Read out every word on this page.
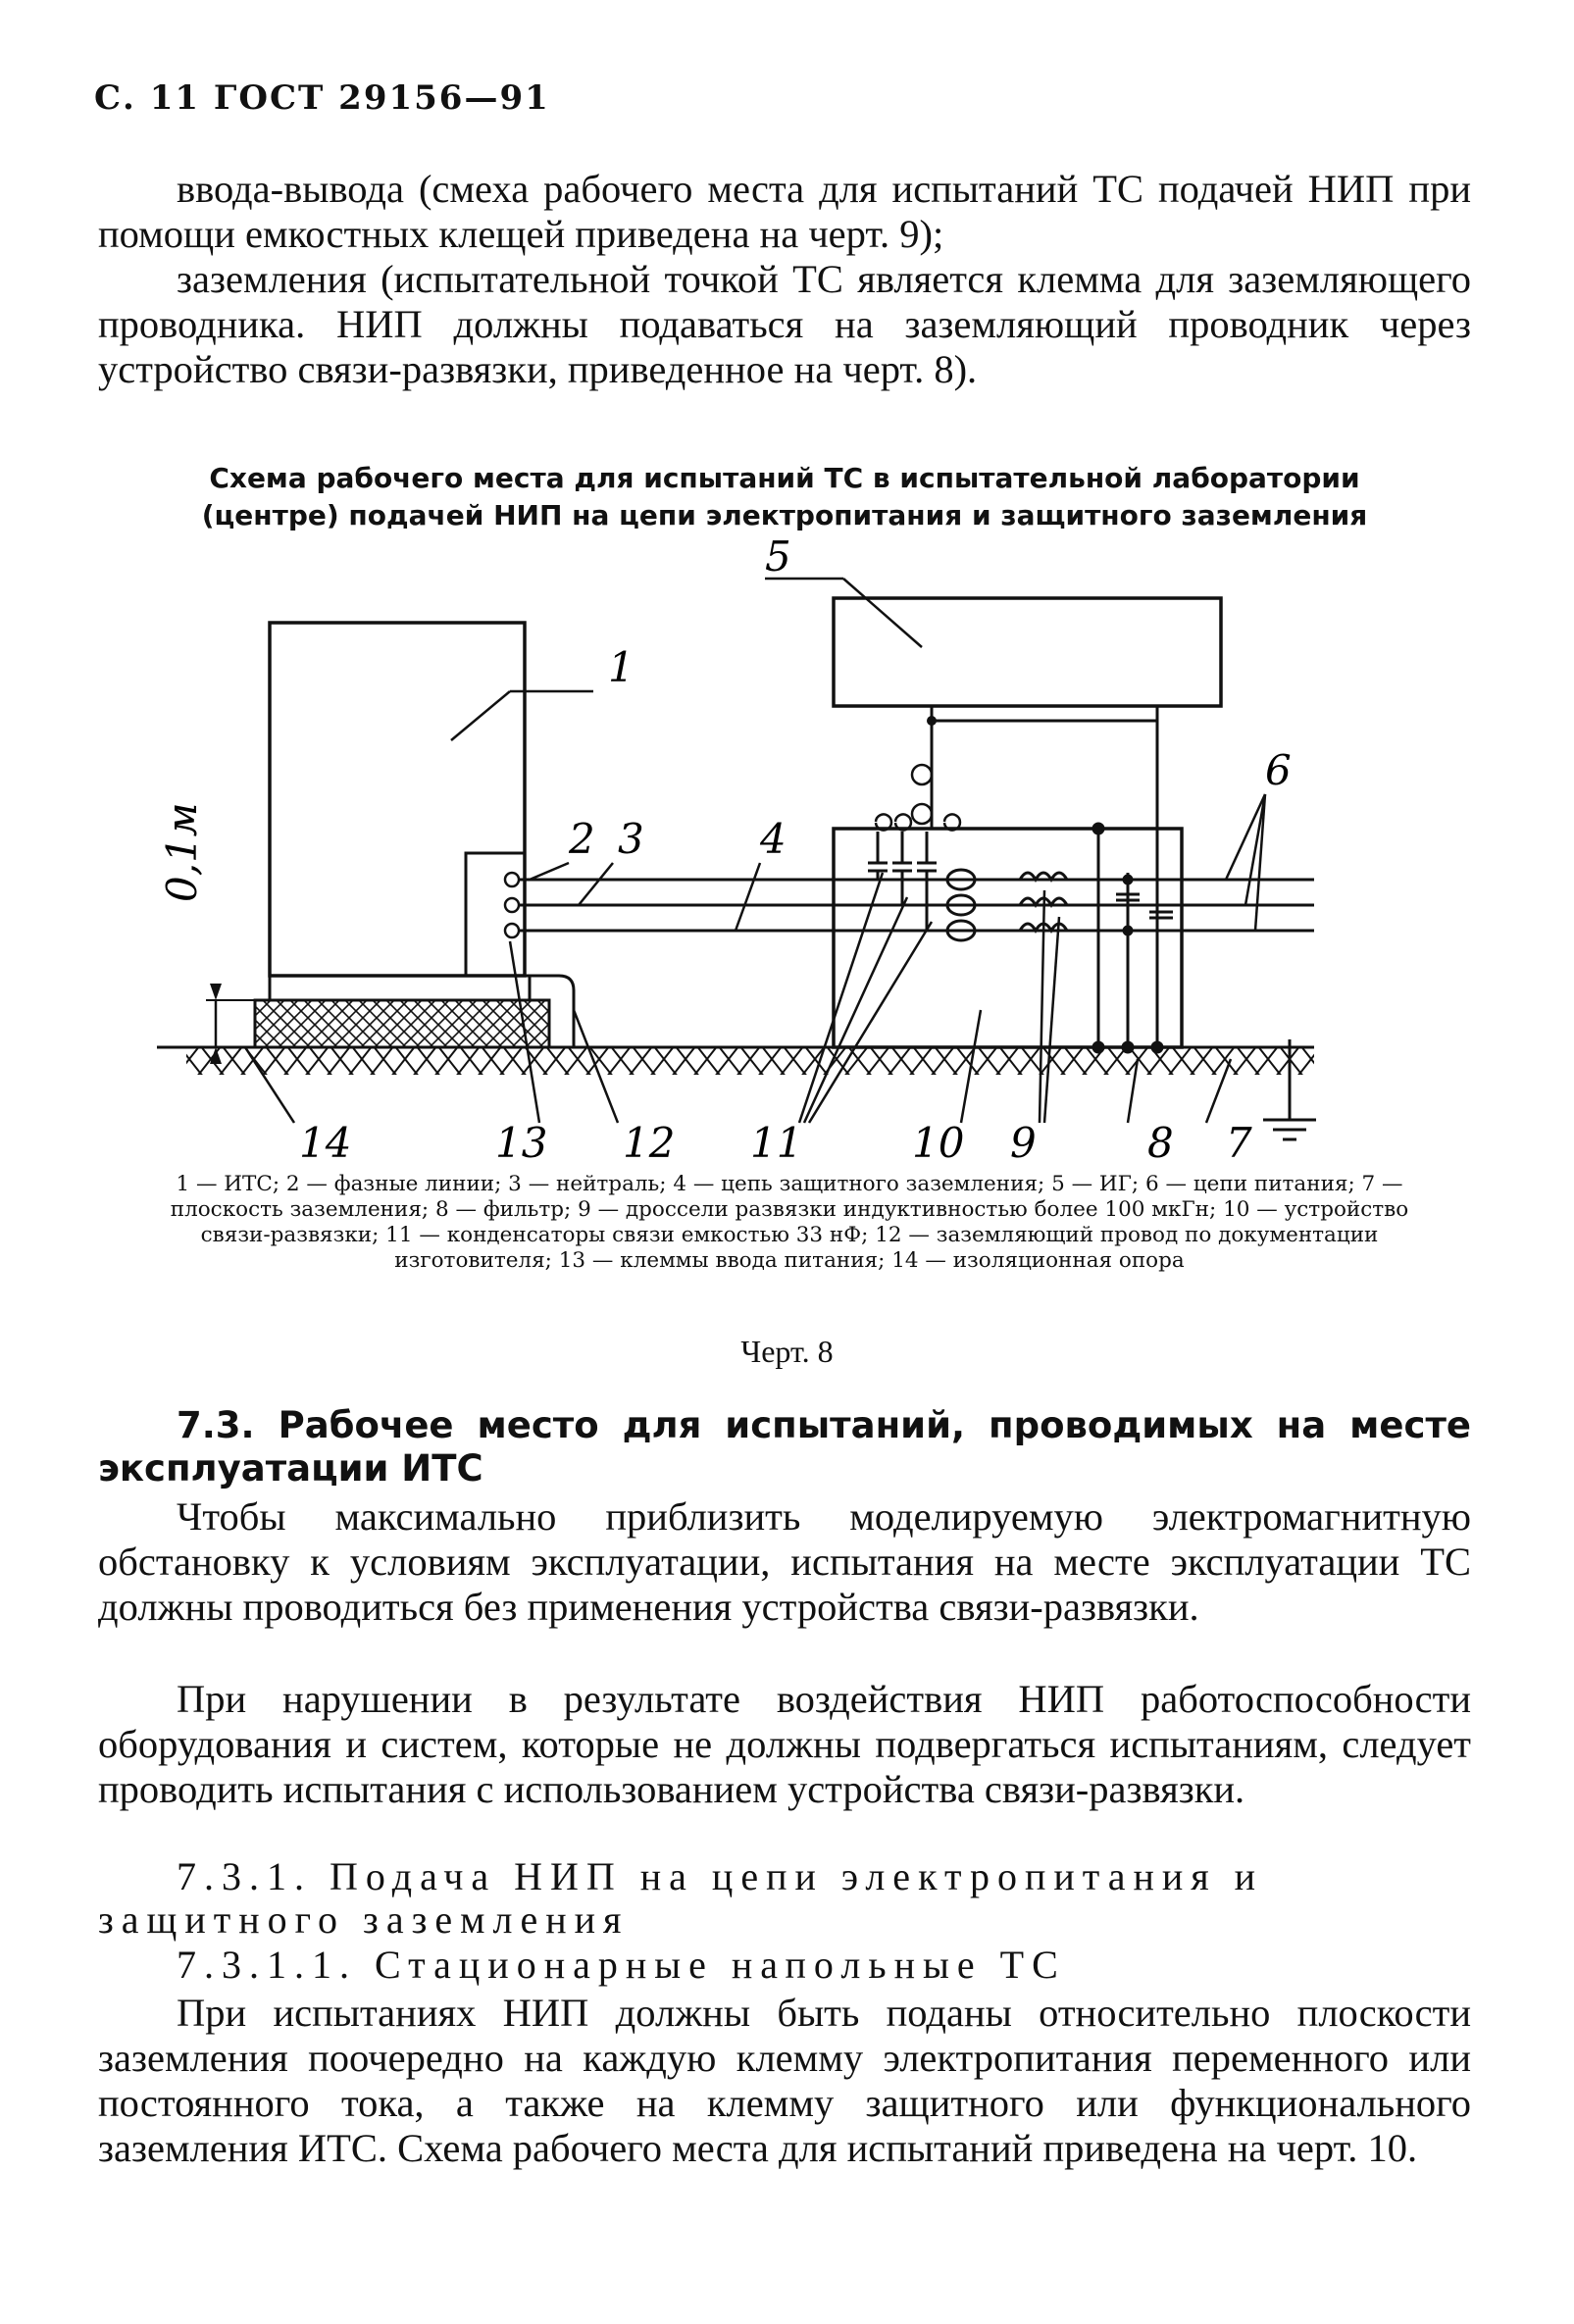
С. 11 ГОСТ 29156—91

ввода-вывода (смеха рабочего места для испытаний ТС подачей НИП при помощи емкостных клещей приведена на черт. 9);

заземления (испытательной точкой ТС является клемма для заземляющего проводника. НИП должны подаваться на заземляющий проводник через устройство связи-развязки, приведенное на черт. 8).

Схема рабочего места для испытаний ТС в испытательной лаборатории
(центре) подачей НИП на цепи электропитания и защитного заземления
0,1м
1
5
2 3	4
6
14	13 12 11	10 9	8 7
1 — ИТС; 2 — фазные линии; 3 — нейтраль; 4 — цепь защитного заземления; 5 — ИГ; 6 — цепи питания; 7 — плоскость заземления; 8 — фильтр; 9 — дроссели развязки индуктивностью более 100 мкГн; 10 — устройство связи-развязки; 11 — конденсаторы связи емкостью 33 нФ; 12 — заземляющий провод по документации изготовителя; 13 — клеммы ввода питания; 14 — изоляционная опора
Черт. 8

7.3. Рабочее место для испытаний, проводимых на месте эксплуатации ИТС

Чтобы максимально приблизить моделируемую электромагнитную обстановку к условиям эксплуатации, испытания на месте эксплуатации ТС должны проводиться без применения устройства связи-развязки.

При нарушении в результате воздействия НИП работоспособности оборудования и систем, которые не должны подвергаться испытаниям, следует проводить испытания с использованием устройства связи-развязки.

7.3.1. Подача НИП на цепи электропитания и защитного заземления

7.3.1.1. Стационарные напольные ТС

При испытаниях НИП должны быть поданы относительно плоскости заземления поочередно на каждую клемму электропитания переменного или постоянного тока, а также на клемму защитного или функционального заземления ИТС. Схема рабочего места для испытаний приведена на черт. 10.
